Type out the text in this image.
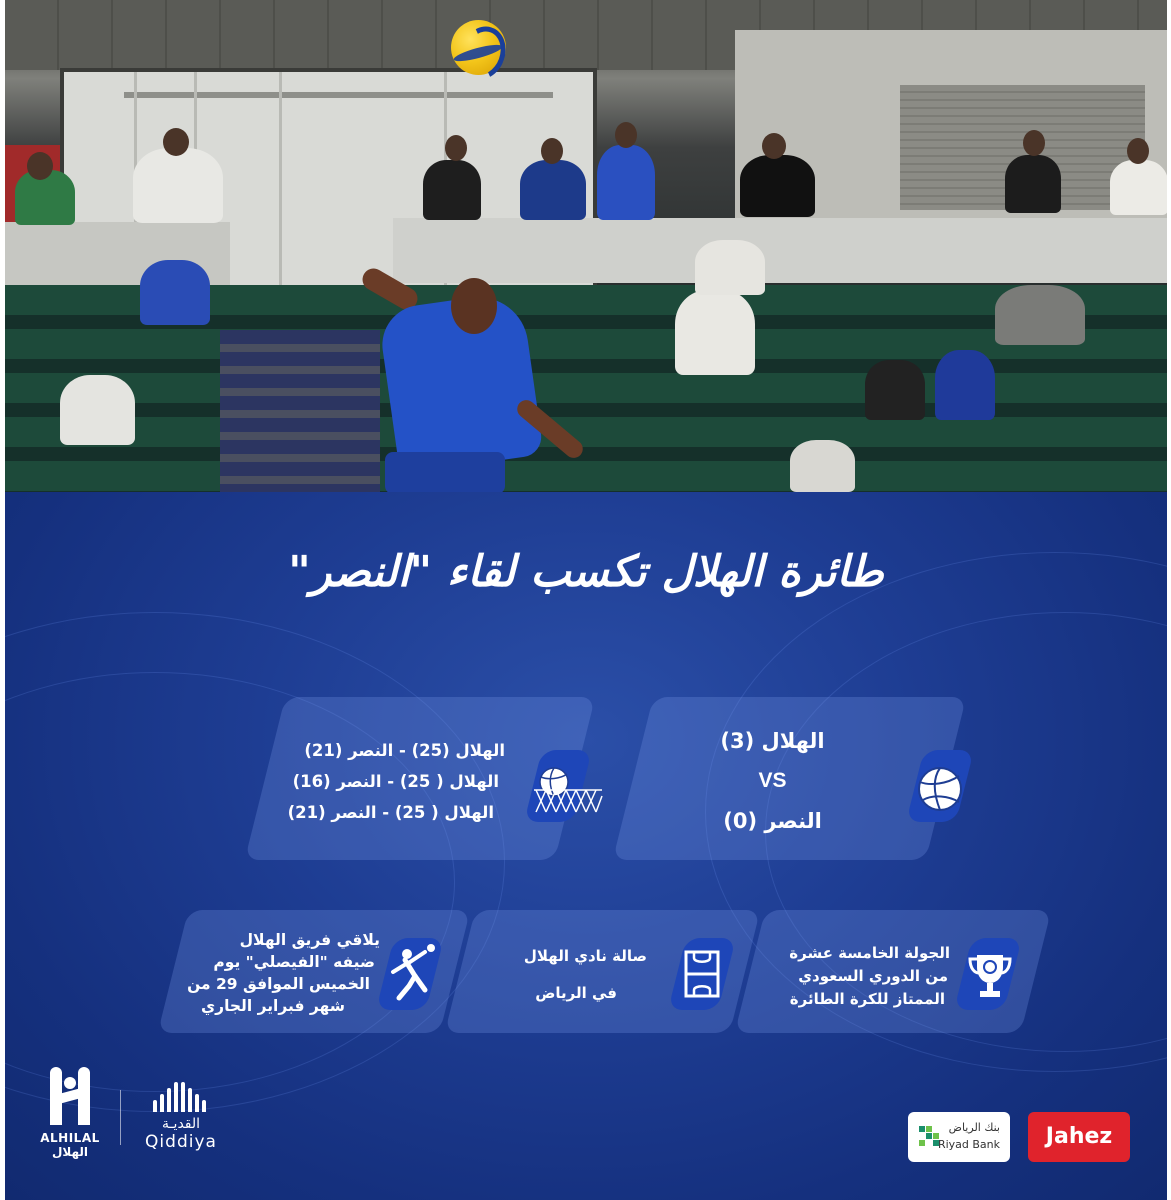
طائرة الهلال تكسب لقاء "النصر"
الهلال (3)
VS
النصر (0)
الهلال (25) - النصر (21)
الهلال ( 25) - النصر (16)
الهلال ( 25) - النصر (21)
الجولة الخامسة عشرة
من الدوري السعودي
الممتاز للكرة الطائرة
صالة نادي الهلال
في الرياض
يلاقي فريق الهلال
ضيفه "الفيصلي" يوم
الخميس الموافق 29 من
شهر فبراير الجاري
ALHILAL
الهلال
القديـة
Qiddiya
بنك الرياض
Riyad Bank	Jahez
